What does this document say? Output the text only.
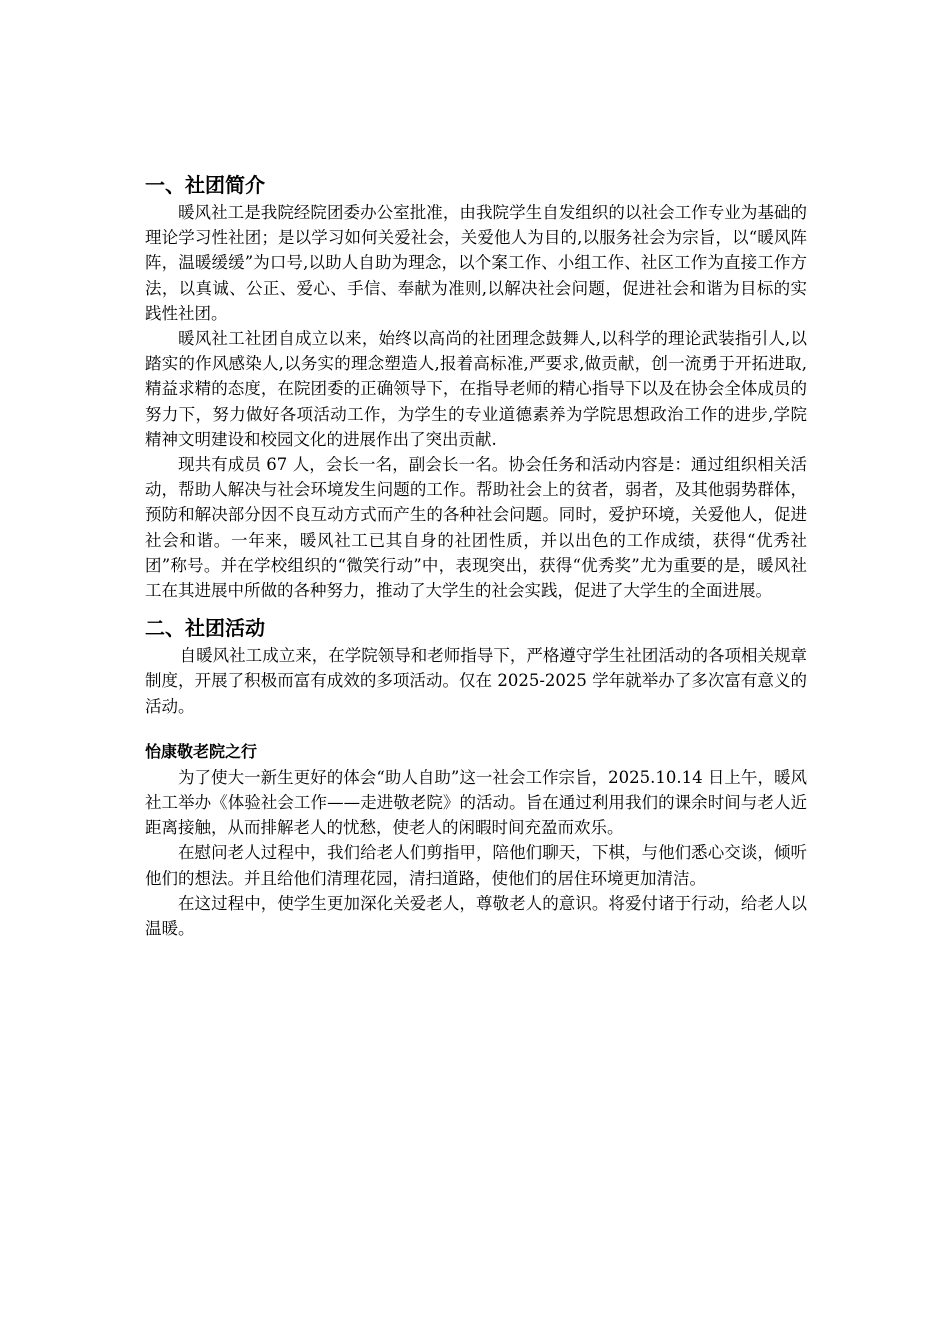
一、社团简介

暖风社工是我院经院团委办公室批准，由我院学生自发组织的以社会工作专业为基础的理论学习性社团；是以学习如何关爱社会，关爱他人为目的,以服务社会为宗旨，以“暖风阵阵，温暖缓缓”为口号,以助人自助为理念，以个案工作、小组工作、社区工作为直接工作方法，以真诚、公正、爱心、手信、奉献为准则,以解决社会问题，促进社会和谐为目标的实践性社团。

暖风社工社团自成立以来，始终以高尚的社团理念鼓舞人,以科学的理论武装指引人,以踏实的作风感染人,以务实的理念塑造人,报着高标准,严要求,做贡献，创一流勇于开拓进取,精益求精的态度，在院团委的正确领导下，在指导老师的精心指导下以及在协会全体成员的努力下，努力做好各项活动工作，为学生的专业道德素养为学院思想政治工作的进步,学院精神文明建设和校园文化的进展作出了突出贡献.

现共有成员 67 人，会长一名，副会长一名。协会任务和活动内容是：通过组织相关活动，帮助人解决与社会环境发生问题的工作。帮助社会上的贫者，弱者，及其他弱势群体，预防和解决部分因不良互动方式而产生的各种社会问题。同时，爱护环境，关爱他人，促进社会和谐。一年来，暖风社工已其自身的社团性质，并以出色的工作成绩，获得“优秀社团”称号。并在学校组织的“微笑行动”中，表现突出，获得“优秀奖”尤为重要的是，暖风社工在其进展中所做的各种努力，推动了大学生的社会实践，促进了大学生的全面进展。

二、社团活动

自暖风社工成立来，在学院领导和老师指导下，严格遵守学生社团活动的各项相关规章制度，开展了积极而富有成效的多项活动。仅在 2025-2025 学年就举办了多次富有意义的活动。

怡康敬老院之行

为了使大一新生更好的体会“助人自助”这一社会工作宗旨，2025.10.14 日上午，暖风社工举办《体验社会工作——走进敬老院》的活动。旨在通过利用我们的课余时间与老人近距离接触，从而排解老人的忧愁，使老人的闲暇时间充盈而欢乐。

在慰问老人过程中，我们给老人们剪指甲，陪他们聊天，下棋，与他们悉心交谈，倾听他们的想法。并且给他们清理花园，清扫道路，使他们的居住环境更加清洁。

在这过程中，使学生更加深化关爱老人，尊敬老人的意识。将爱付诸于行动，给老人以温暖。
